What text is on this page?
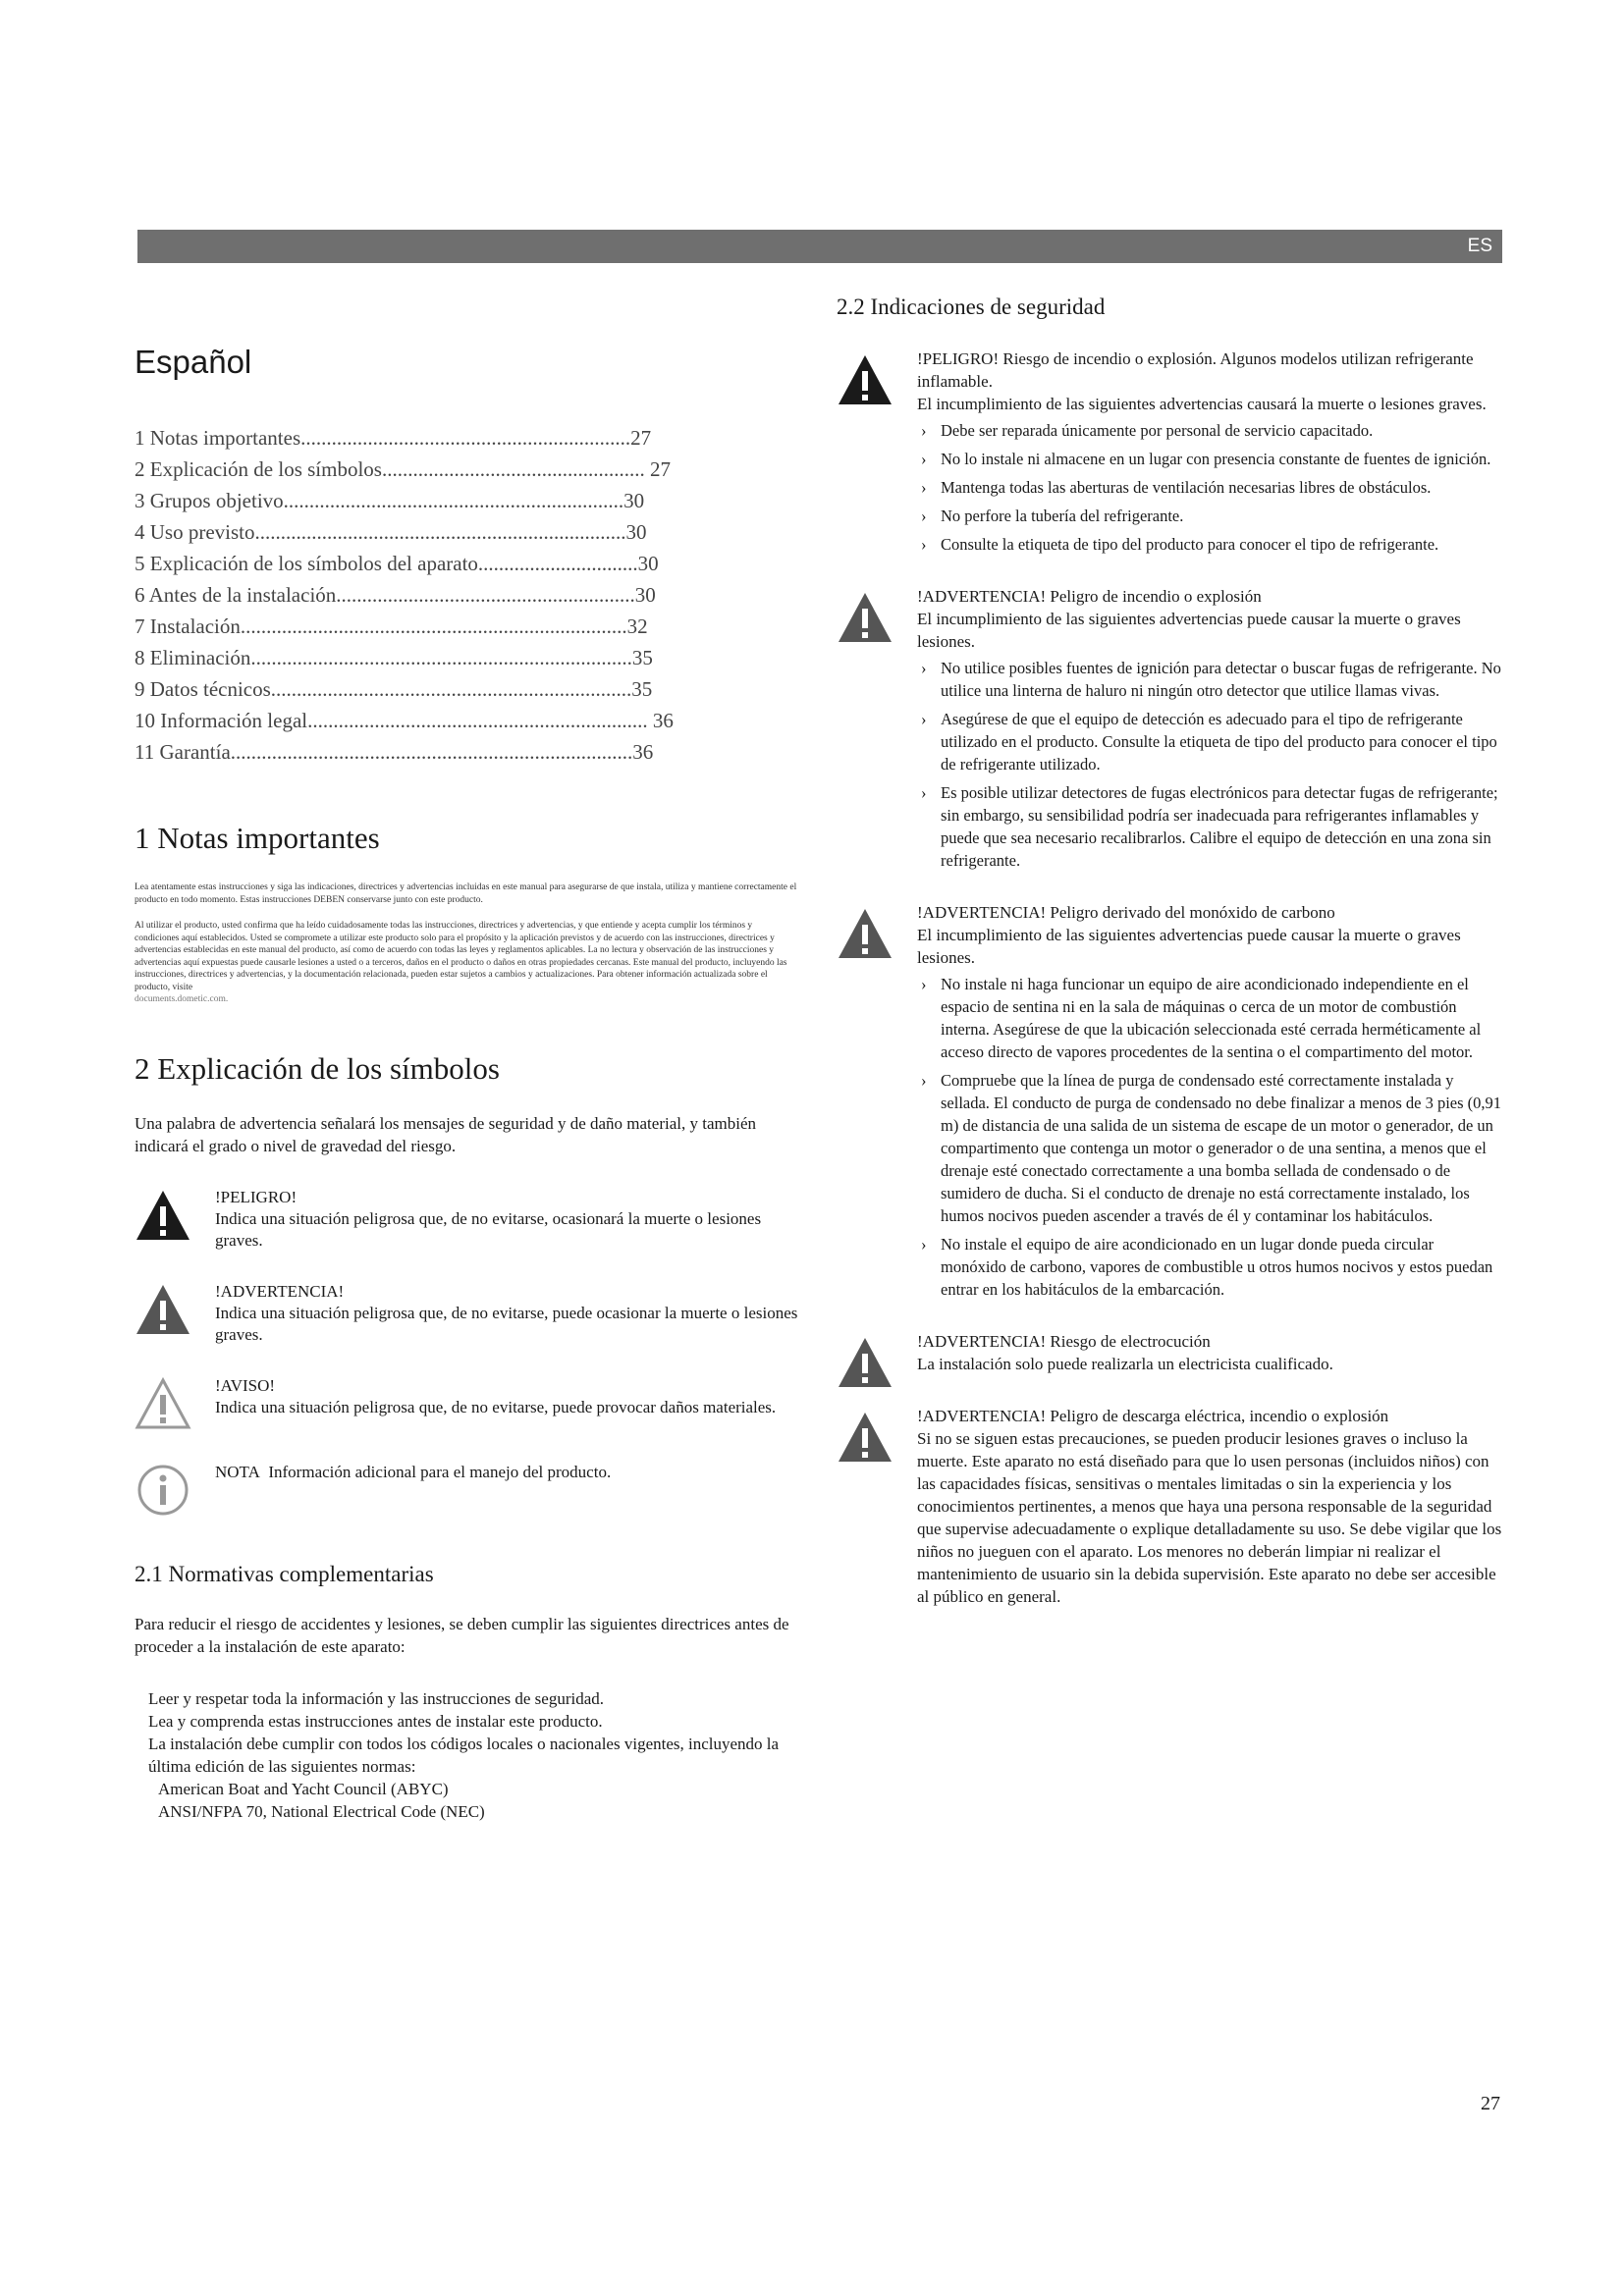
ES
Español
1 Notas importantes................................................................27
2 Explicación de los símbolos................................................... 27
3 Grupos objetivo..................................................................30
4 Uso previsto........................................................................30
5 Explicación de los símbolos del aparato...............................30
6 Antes de la instalación..........................................................30
7 Instalación...........................................................................32
8 Eliminación..........................................................................35
9 Datos técnicos......................................................................35
10 Información legal.................................................................. 36
11 Garantía..............................................................................36
1 Notas importantes

Lea atentamente estas instrucciones y siga las indicaciones, directrices y advertencias incluidas en este manual para asegurarse de que instala, utiliza y mantiene correctamente el producto en todo momento. Estas instrucciones DEBEN conservarse junto con este producto.

Al utilizar el producto, usted confirma que ha leído cuidadosamente todas las instrucciones, directrices y advertencias, y que entiende y acepta cumplir los términos y condiciones aquí establecidos. Usted se compromete a utilizar este producto solo para el propósito y la aplicación previstos y de acuerdo con las instrucciones, directrices y advertencias establecidas en este manual del producto, así como de acuerdo con todas las leyes y reglamentos aplicables. La no lectura y observación de las instrucciones y advertencias aquí expuestas puede causarle lesiones a usted o a terceros, daños en el producto o daños en otras propiedades cercanas. Este manual del producto, incluyendo las instrucciones, directrices y advertencias, y la documentación relacionada, pueden estar sujetos a cambios y actualizaciones. Para obtener información actualizada sobre el producto, visite

documents.dometic.com.

2 Explicación de los símbolos

Una palabra de advertencia señalará los mensajes de seguridad y de daño material, y también indicará el grado o nivel de gravedad del riesgo.

!PELIGRO!

Indica una situación peligrosa que, de no evitarse, ocasionará la muerte o lesiones graves.

!ADVERTENCIA!

Indica una situación peligrosa que, de no evitarse, puede ocasionar la muerte o lesiones graves.

!AVISO!

Indica una situación peligrosa que, de no evitarse, puede provocar daños materiales.

NOTA Información adicional para el manejo del producto.

2.1 Normativas complementarias

Para reducir el riesgo de accidentes y lesiones, se deben cumplir las siguientes directrices antes de proceder a la instalación de este aparato:

Leer y respetar toda la información y las instrucciones de seguridad.
Lea y comprenda estas instrucciones antes de instalar este producto.
La instalación debe cumplir con todos los códigos locales o nacionales vigentes, incluyendo la última edición de las siguientes normas:
American Boat and Yacht Council (ABYC)
ANSI/NFPA 70, National Electrical Code (NEC)
2.2 Indicaciones de seguridad

!PELIGRO! Riesgo de incendio o explosión. Algunos modelos utilizan refrigerante inflamable.

El incumplimiento de las siguientes advertencias causará la muerte o lesiones graves.

› Debe ser reparada únicamente por personal de servicio capacitado.
› No lo instale ni almacene en un lugar con presencia constante de fuentes de ignición.
› Mantenga todas las aberturas de ventilación necesarias libres de obstáculos.
› No perfore la tubería del refrigerante.
› Consulte la etiqueta de tipo del producto para conocer el tipo de refrigerante.

!ADVERTENCIA! Peligro de incendio o explosión

El incumplimiento de las siguientes advertencias puede causar la muerte o graves lesiones.

› No utilice posibles fuentes de ignición para detectar o buscar fugas de refrigerante. No utilice una linterna de haluro ni ningún otro detector que utilice llamas vivas.
› Asegúrese de que el equipo de detección es adecuado para el tipo de refrigerante utilizado en el producto. Consulte la etiqueta de tipo del producto para conocer el tipo de refrigerante utilizado.
› Es posible utilizar detectores de fugas electrónicos para detectar fugas de refrigerante; sin embargo, su sensibilidad podría ser inadecuada para refrigerantes inflamables y puede que sea necesario recalibrarlos. Calibre el equipo de detección en una zona sin refrigerante.

!ADVERTENCIA! Peligro derivado del monóxido de carbono

El incumplimiento de las siguientes advertencias puede causar la muerte o graves lesiones.

› No instale ni haga funcionar un equipo de aire acondicionado independiente en el espacio de sentina ni en la sala de máquinas o cerca de un motor de combustión interna. Asegúrese de que la ubicación seleccionada esté cerrada herméticamente al acceso directo de vapores procedentes de la sentina o el compartimento del motor.
› Compruebe que la línea de purga de condensado esté correctamente instalada y sellada. El conducto de purga de condensado no debe finalizar a menos de 3 pies (0,91 m) de distancia de una salida de un sistema de escape de un motor o generador, de un compartimento que contenga un motor o generador o de una sentina, a menos que el drenaje esté conectado correctamente a una bomba sellada de condensado o de sumidero de ducha. Si el conducto de drenaje no está correctamente instalado, los humos nocivos pueden ascender a través de él y contaminar los habitáculos.
› No instale el equipo de aire acondicionado en un lugar donde pueda circular monóxido de carbono, vapores de combustible u otros humos nocivos y estos puedan entrar en los habitáculos de la embarcación.

!ADVERTENCIA! Riesgo de electrocución

La instalación solo puede realizarla un electricista cualificado.

!ADVERTENCIA! Peligro de descarga eléctrica, incendio o explosión

Si no se siguen estas precauciones, se pueden producir lesiones graves o incluso la muerte. Este aparato no está diseñado para que lo usen personas (incluidos niños) con las capacidades físicas, sensitivas o mentales limitadas o sin la experiencia y los conocimientos pertinentes, a menos que haya una persona responsable de la seguridad que supervise adecuadamente o explique detalladamente su uso. Se debe vigilar que los niños no jueguen con el aparato. Los menores no deberán limpiar ni realizar el mantenimiento de usuario sin la debida supervisión. Este aparato no debe ser accesible al público en general.

27
